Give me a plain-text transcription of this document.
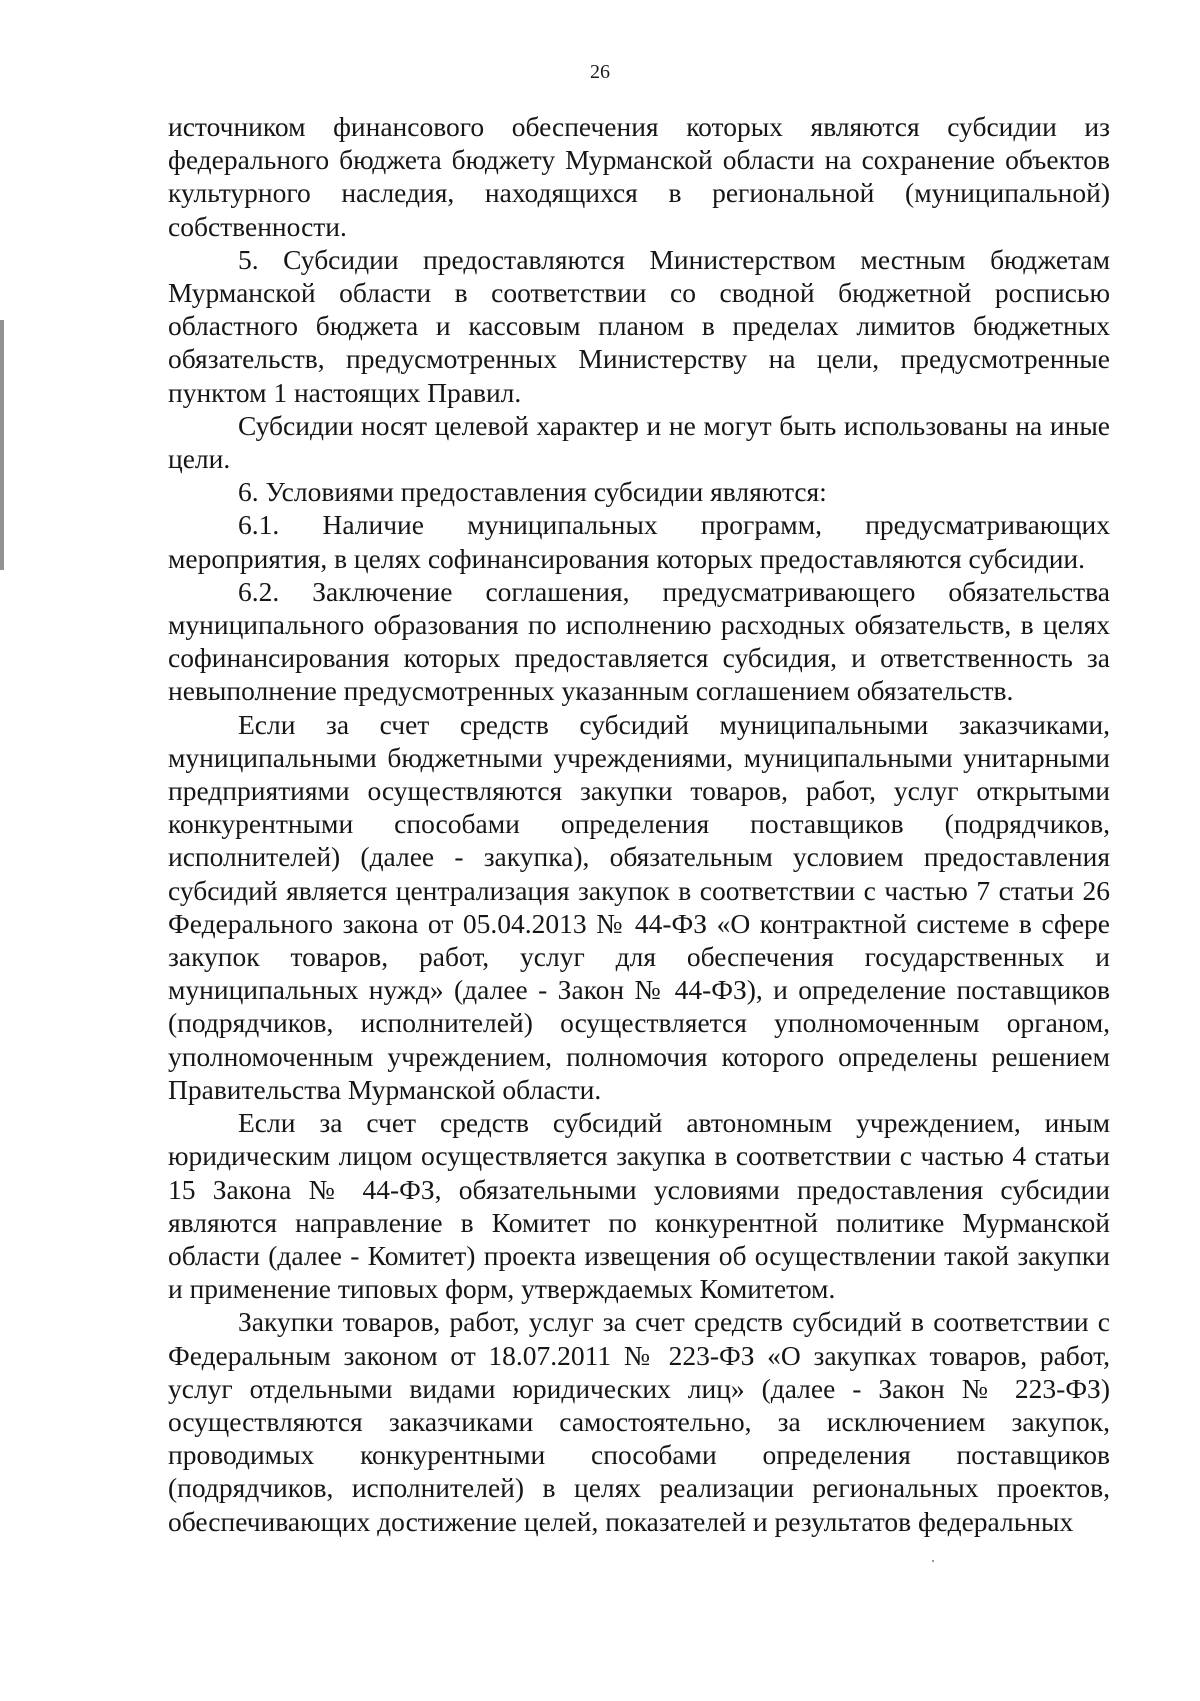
26

источником финансового обеспечения которых являются субсидии из федерального бюджета бюджету Мурманской области на сохранение объектов культурного наследия, находящихся в региональной (муниципальной) собственности.

5. Субсидии предоставляются Министерством местным бюджетам Мурманской области в соответствии со сводной бюджетной росписью областного бюджета и кассовым планом в пределах лимитов бюджетных обязательств, предусмотренных Министерству на цели, предусмотренные пунктом 1 настоящих Правил.

Субсидии носят целевой характер и не могут быть использованы на иные цели.

6. Условиями предоставления субсидии являются:

6.1. Наличие муниципальных программ, предусматривающих мероприятия, в целях софинансирования которых предоставляются субсидии.

6.2. Заключение соглашения, предусматривающего обязательства муниципального образования по исполнению расходных обязательств, в целях софинансирования которых предоставляется субсидия, и ответственность за невыполнение предусмотренных указанным соглашением обязательств.

Если за счет средств субсидий муниципальными заказчиками, муниципальными бюджетными учреждениями, муниципальными унитарными предприятиями осуществляются закупки товаров, работ, услуг открытыми конкурентными способами определения поставщиков (подрядчиков, исполнителей) (далее - закупка), обязательным условием предоставления субсидий является централизация закупок в соответствии с частью 7 статьи 26 Федерального закона от 05.04.2013 № 44-ФЗ «О контрактной системе в сфере закупок товаров, работ, услуг для обеспечения государственных и муниципальных нужд» (далее - Закон № 44-ФЗ), и определение поставщиков (подрядчиков, исполнителей) осуществляется уполномоченным органом, уполномоченным учреждением, полномочия которого определены решением Правительства Мурманской области.

Если за счет средств субсидий автономным учреждением, иным юридическим лицом осуществляется закупка в соответствии с частью 4 статьи 15 Закона № 44-ФЗ, обязательными условиями предоставления субсидии являются направление в Комитет по конкурентной политике Мурманской области (далее - Комитет) проекта извещения об осуществлении такой закупки и применение типовых форм, утверждаемых Комитетом.

Закупки товаров, работ, услуг за счет средств субсидий в соответствии с Федеральным законом от 18.07.2011 № 223-ФЗ «О закупках товаров, работ, услуг отдельными видами юридических лиц» (далее - Закон № 223-ФЗ) осуществляются заказчиками самостоятельно, за исключением закупок, проводимых конкурентными способами определения поставщиков (подрядчиков, исполнителей) в целях реализации региональных проектов, обеспечивающих достижение целей, показателей и результатов федеральных
